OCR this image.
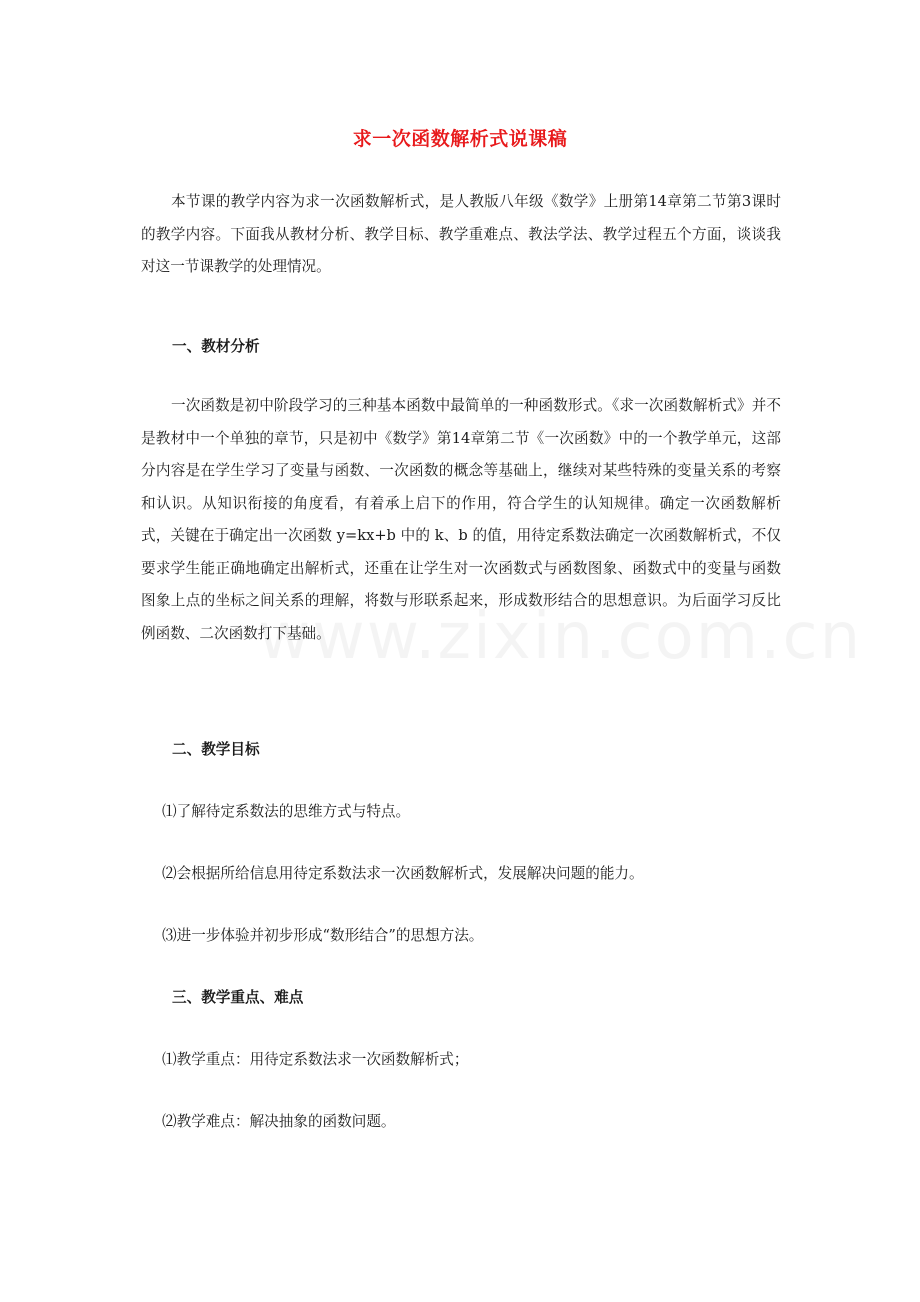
求一次函数解析式说课稿

本节课的教学内容为求一次函数解析式，是人教版八年级《数学》上册第14章第二节第3课时的教学内容。下面我从教材分析、教学目标、教学重难点、教法学法、教学过程五个方面，谈谈我对这一节课教学的处理情况。

一、教材分析

一次函数是初中阶段学习的三种基本函数中最简单的一种函数形式。《求一次函数解析式》并不是教材中一个单独的章节，只是初中《数学》第14章第二节《一次函数》中的一个教学单元，这部分内容是在学生学习了变量与函数、一次函数的概念等基础上，继续对某些特殊的变量关系的考察和认识。从知识衔接的角度看，有着承上启下的作用，符合学生的认知规律。确定一次函数解析式，关键在于确定出一次函数 y=kx+b 中的 k、b 的值，用待定系数法确定一次函数解析式，不仅要求学生能正确地确定出解析式，还重在让学生对一次函数式与函数图象、函数式中的变量与函数图象上点的坐标之间关系的理解，将数与形联系起来，形成数形结合的思想意识。为后面学习反比例函数、二次函数打下基础。

二、教学目标

⑴了解待定系数法的思维方式与特点。

⑵会根据所给信息用待定系数法求一次函数解析式，发展解决问题的能力。

⑶进一步体验并初步形成“数形结合”的思想方法。

三、教学重点、难点

⑴教学重点：用待定系数法求一次函数解析式；

⑵教学难点：解决抽象的函数问题。
